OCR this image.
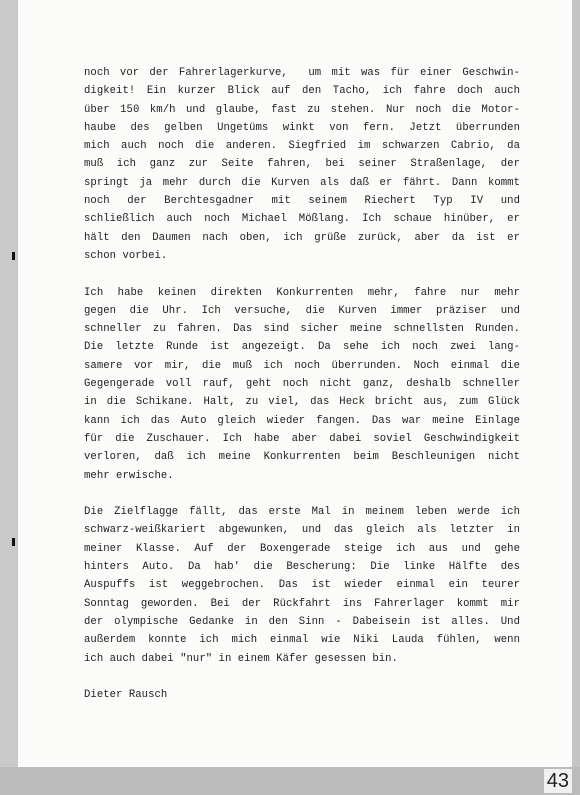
noch vor der Fahrerlagerkurve,  um mit was für einer Geschwin-
digkeit! Ein kurzer Blick auf den Tacho, ich fahre doch auch
über 150 km/h und glaube, fast zu stehen. Nur noch die Motor-
haube des gelben Ungetüms winkt von fern. Jetzt überrunden
mich auch noch die anderen. Siegfried im schwarzen Cabrio, da
muß ich ganz zur Seite fahren, bei seiner Straßenlage, der
springt ja mehr durch die Kurven als daß er fährt. Dann kommt
noch der Berchtesgadner mit seinem Riechert Typ IV und
schließlich auch noch Michael Mößlang. Ich schaue hinüber, er
hält den Daumen nach oben, ich grüße zurück, aber da ist er
schon vorbei.
Ich habe keinen direkten Konkurrenten mehr, fahre nur mehr
gegen die Uhr. Ich versuche, die Kurven immer präziser und
schneller zu fahren. Das sind sicher meine schnellsten Runden.
Die letzte Runde ist angezeigt. Da sehe ich noch zwei lang-
samere vor mir, die muß ich noch überrunden. Noch einmal die
Gegengerade voll rauf, geht noch nicht ganz, deshalb schneller
in die Schikane. Halt, zu viel, das Heck bricht aus, zum Glück
kann ich das Auto gleich wieder fangen. Das war meine Einlage
für die Zuschauer. Ich habe aber dabei soviel Geschwindigkeit
verloren, daß ich meine Konkurrenten beim Beschleunigen nicht
mehr erwische.
Die Zielflagge fällt, das erste Mal in meinem leben werde ich
schwarz-weißkariert abgewunken, und das gleich als letzter in
meiner Klasse. Auf der Boxengerade steige ich aus und gehe
hinters Auto. Da hab' die Bescherung: Die linke Hälfte des
Auspuffs ist weggebrochen. Das ist wieder einmal ein teurer
Sonntag geworden. Bei der Rückfahrt ins Fahrerlager kommt mir
der olympische Gedanke in den Sinn - Dabeisein ist alles. Und
außerdem konnte ich mich einmal wie Niki Lauda fühlen, wenn
ich auch dabei "nur" in einem Käfer gesessen bin.
Dieter Rausch
43
